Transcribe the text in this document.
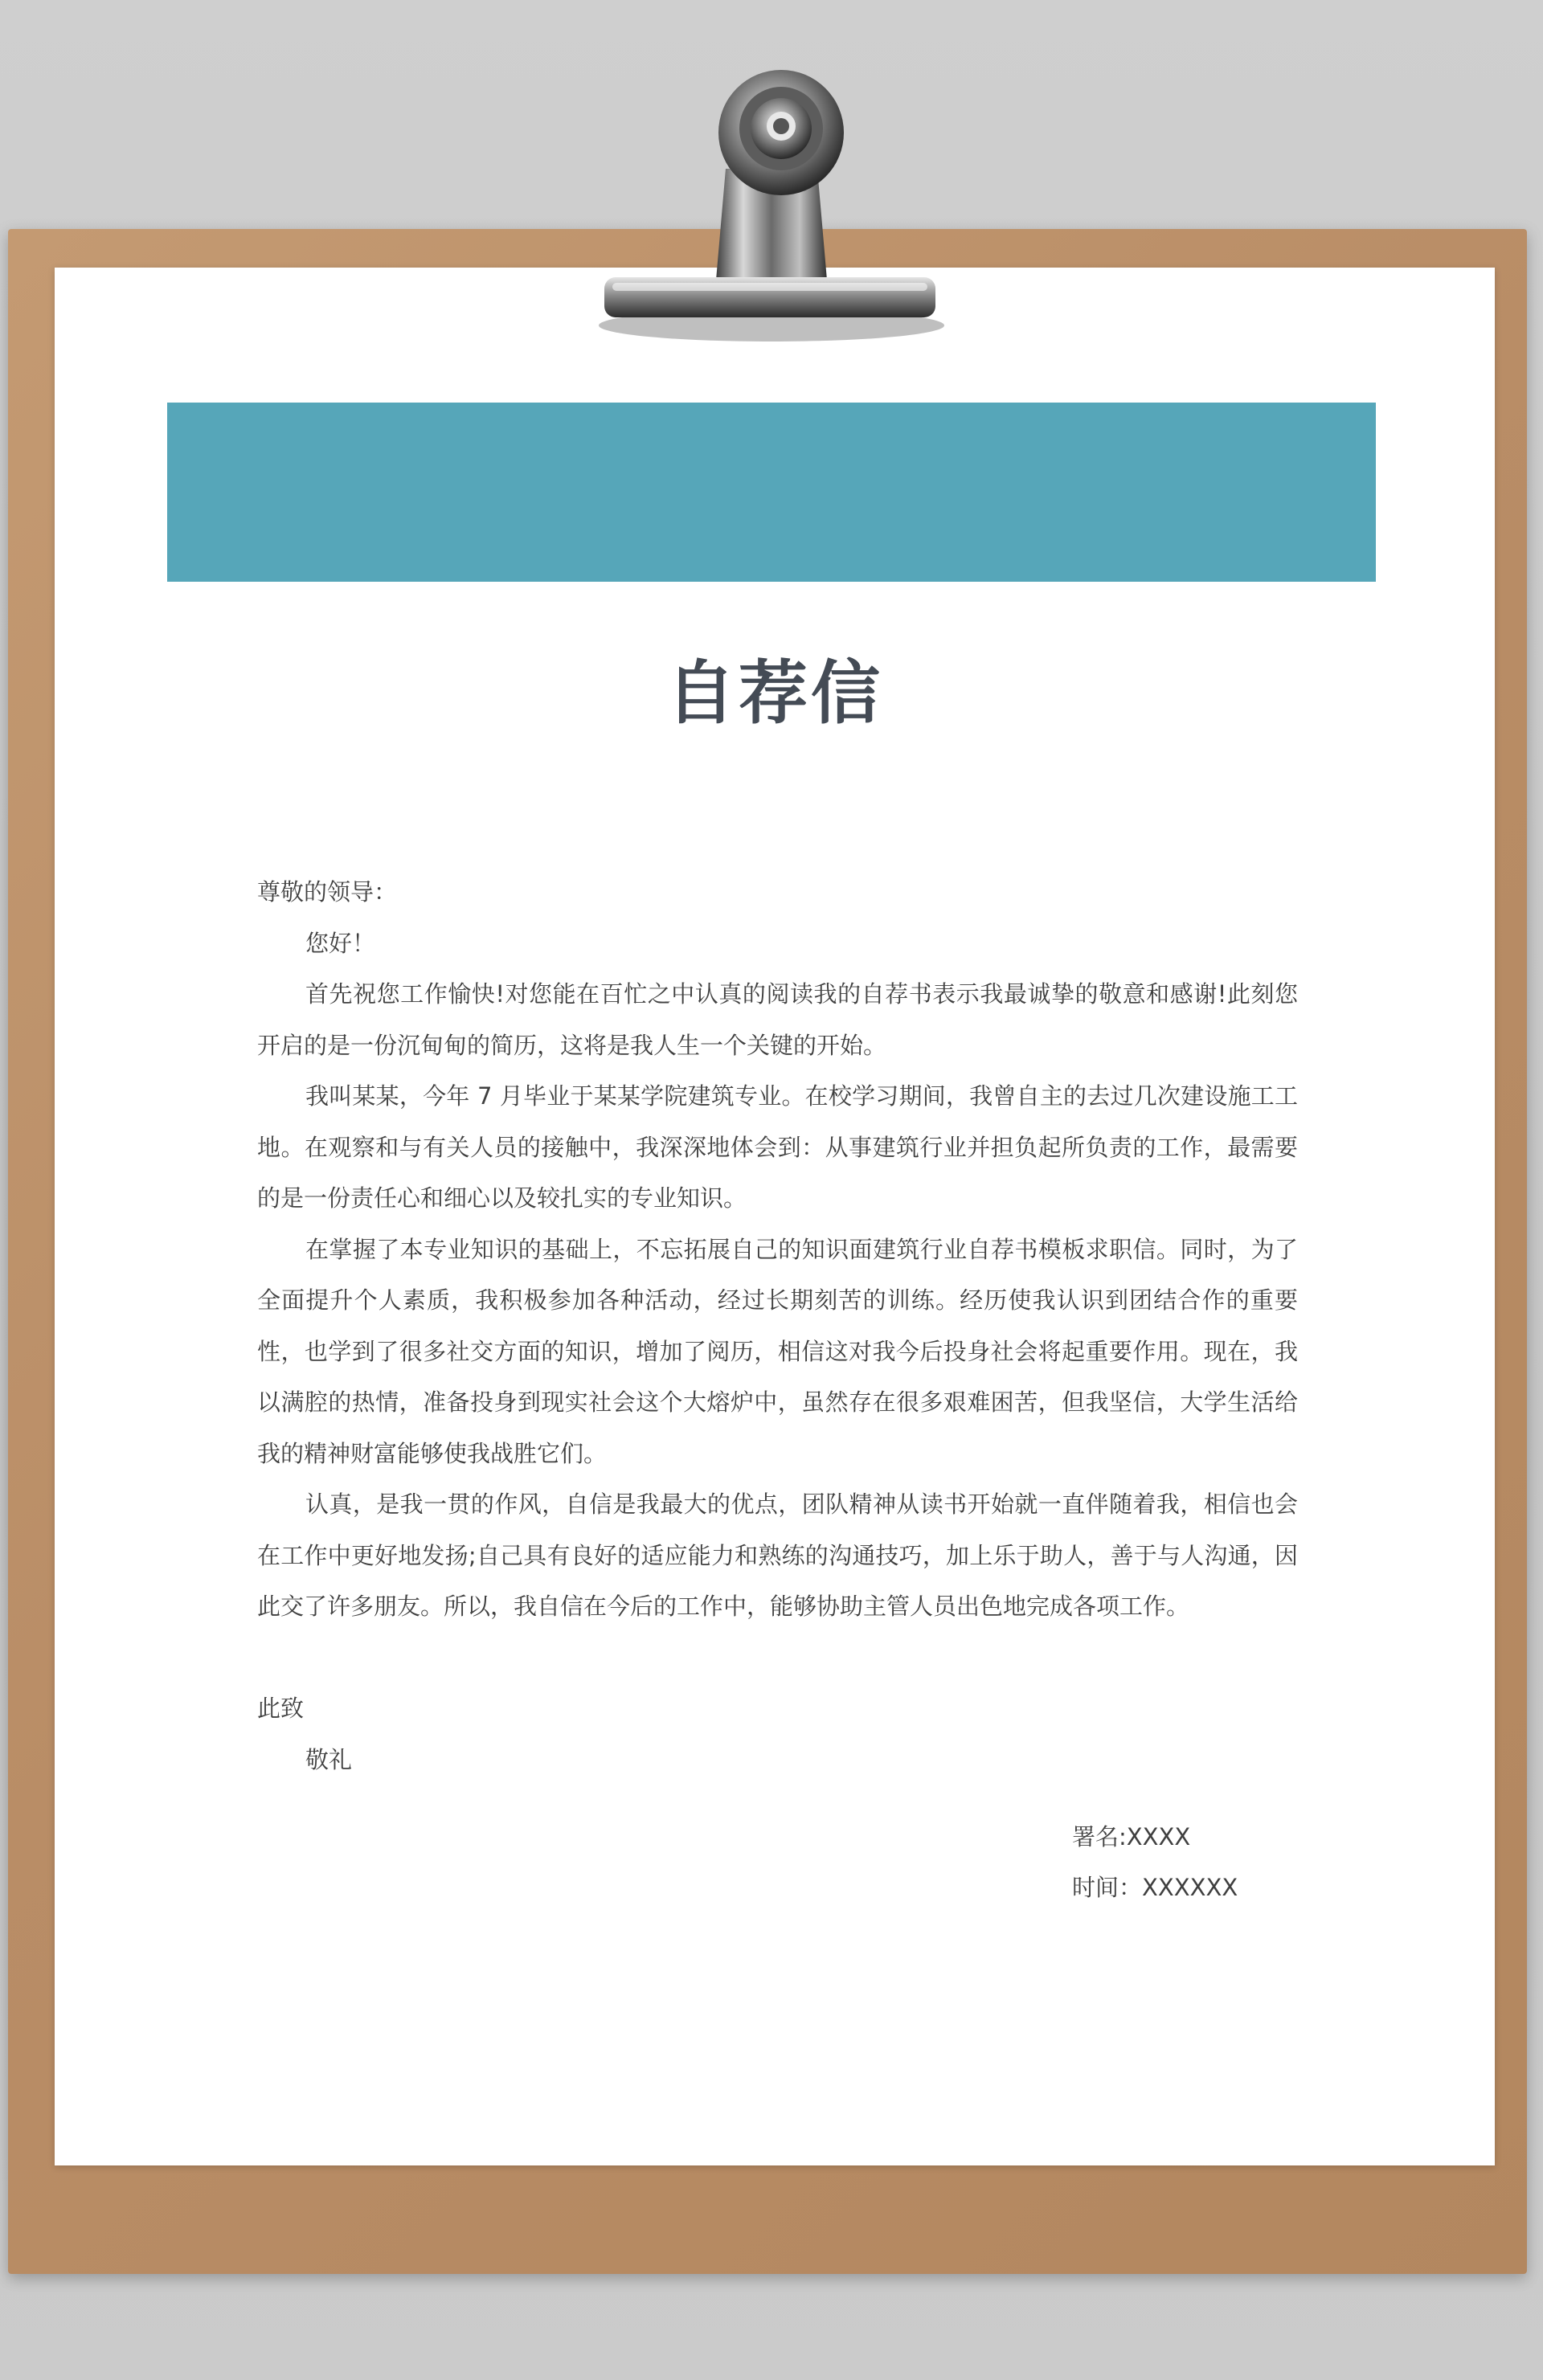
自荐信
尊敬的领导：
您好！
首先祝您工作愉快!对您能在百忙之中认真的阅读我的自荐书表示我最诚挚的敬意和感谢!此刻您开启的是一份沉甸甸的简历，这将是我人生一个关键的开始。
我叫某某，今年 7 月毕业于某某学院建筑专业。在校学习期间，我曾自主的去过几次建设施工工地。在观察和与有关人员的接触中，我深深地体会到：从事建筑行业并担负起所负责的工作，最需要的是一份责任心和细心以及较扎实的专业知识。
在掌握了本专业知识的基础上，不忘拓展自己的知识面建筑行业自荐书模板求职信。同时，为了全面提升个人素质，我积极参加各种活动，经过长期刻苦的训练。经历使我认识到团结合作的重要性，也学到了很多社交方面的知识，增加了阅历，相信这对我今后投身社会将起重要作用。现在，我以满腔的热情，准备投身到现实社会这个大熔炉中，虽然存在很多艰难困苦，但我坚信，大学生活给我的精神财富能够使我战胜它们。
认真，是我一贯的作风，自信是我最大的优点，团队精神从读书开始就一直伴随着我，相信也会在工作中更好地发扬;自己具有良好的适应能力和熟练的沟通技巧，加上乐于助人，善于与人沟通，因此交了许多朋友。所以，我自信在今后的工作中，能够协助主管人员出色地完成各项工作。
此致
敬礼
署名:XXXX
时间：XXXXXX
